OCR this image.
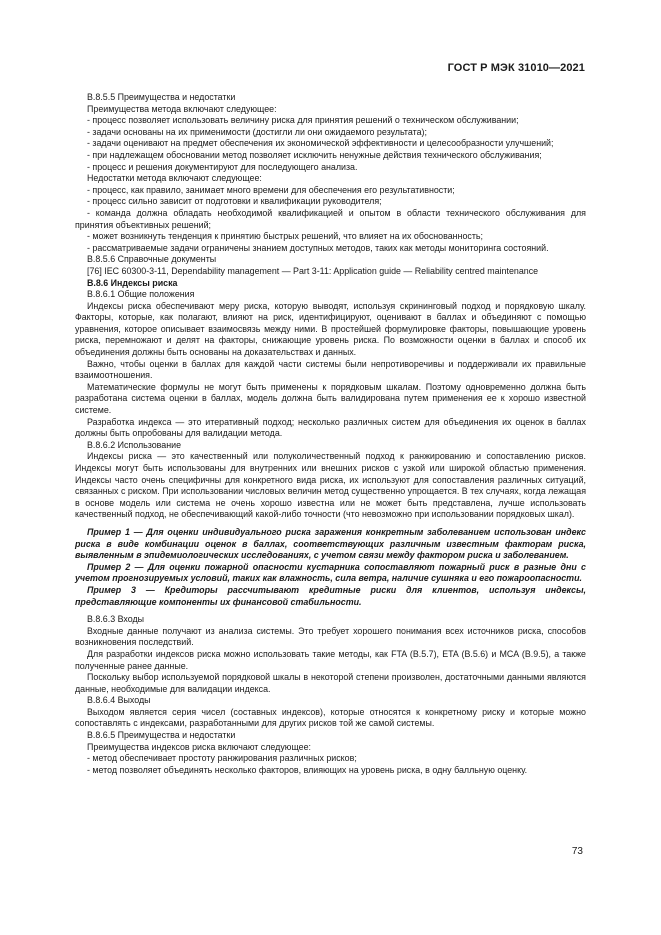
ГОСТ Р МЭК 31010—2021

В.8.5.5 Преимущества и недостатки

Преимущества метода включают следующее:

- процесс позволяет использовать величину риска для принятия решений о техническом обслуживании;

- задачи основаны на их применимости (достигли ли они ожидаемого результата);

- задачи оценивают на предмет обеспечения их экономической эффективности и целесообразности улучшений;

- при надлежащем обосновании метод позволяет исключить ненужные действия технического обслуживания;

- процесс и решения документируют для последующего анализа.

Недостатки метода включают следующее:

- процесс, как правило, занимает много времени для обеспечения его результативности;

- процесс сильно зависит от подготовки и квалификации руководителя;

- команда должна обладать необходимой квалификацией и опытом в области технического обслуживания для принятия объективных решений;

- может возникнуть тенденция к принятию быстрых решений, что влияет на их обоснованность;

- рассматриваемые задачи ограничены знанием доступных методов, таких как методы мониторинга состояний.

В.8.5.6 Справочные документы

[76] IEC 60300-3-11, Dependability management — Part 3-11: Application guide — Reliability centred maintenance

В.8.6 Индексы риска

В.8.6.1 Общие положения

Индексы риска обеспечивают меру риска, которую выводят, используя скрининговый подход и порядковую шкалу. Факторы, которые, как полагают, влияют на риск, идентифицируют, оценивают в баллах и объединяют с помощью уравнения, которое описывает взаимосвязь между ними. В простейшей формулировке факторы, повышающие уровень риска, перемножают и делят на факторы, снижающие уровень риска. По возможности оценки в баллах и способ их объединения должны быть основаны на доказательствах и данных.

Важно, чтобы оценки в баллах для каждой части системы были непротиворечивы и поддерживали их правильные взаимоотношения.

Математические формулы не могут быть применены к порядковым шкалам. Поэтому одновременно должна быть разработана система оценки в баллах, модель должна быть валидирована путем применения ее к хорошо известной системе.

Разработка индекса — это итеративный подход; несколько различных систем для объединения их оценок в баллах должны быть опробованы для валидации метода.

В.8.6.2 Использование

Индексы риска — это качественный или полуколичественный подход к ранжированию и сопоставлению рисков. Индексы могут быть использованы для внутренних или внешних рисков с узкой или широкой областью применения. Индексы часто очень специфичны для конкретного вида риска, их используют для сопоставления различных ситуаций, связанных с риском. При использовании числовых величин метод существенно упрощается. В тех случаях, когда лежащая в основе модель или система не очень хорошо известна или не может быть представлена, лучше использовать качественный подход, не обеспечивающий какой-либо точности (что невозможно при использовании порядковых шкал).

Пример 1 — Для оценки индивидуального риска заражения конкретным заболеванием использован индекс риска в виде комбинации оценок в баллах, соответствующих различным известным факторам риска, выявленным в эпидемиологических исследованиях, с учетом связи между фактором риска и заболеванием.

Пример 2 — Для оценки пожарной опасности кустарника сопоставляют пожарный риск в разные дни с учетом прогнозируемых условий, таких как влажность, сила ветра, наличие сушняка и его пожароопасности.

Пример 3 — Кредиторы рассчитывают кредитные риски для клиентов, используя индексы, представляющие компоненты их финансовой стабильности.

В.8.6.3 Входы

Входные данные получают из анализа системы. Это требует хорошего понимания всех источников риска, способов возникновения последствий.

Для разработки индексов риска можно использовать такие методы, как FTA (В.5.7), ETA (В.5.6) и MCA (В.9.5), а также полученные ранее данные.

Поскольку выбор используемой порядковой шкалы в некоторой степени произволен, достаточными данными являются данные, необходимые для валидации индекса.

В.8.6.4 Выходы

Выходом является серия чисел (составных индексов), которые относятся к конкретному риску и которые можно сопоставлять с индексами, разработанными для других рисков той же самой системы.

В.8.6.5 Преимущества и недостатки

Преимущества индексов риска включают следующее:

- метод обеспечивает простоту ранжирования различных рисков;

- метод позволяет объединять несколько факторов, влияющих на уровень риска, в одну балльную оценку.

73
